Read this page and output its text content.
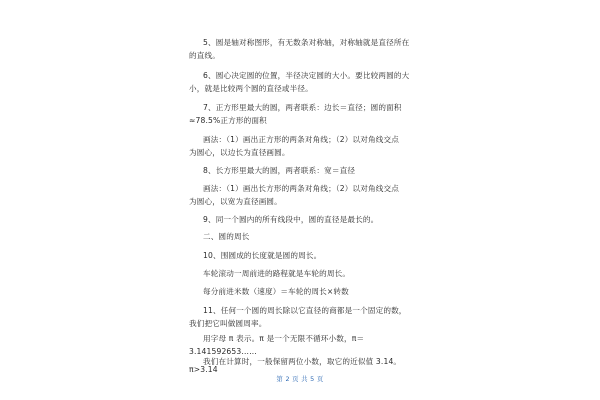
5、圆是轴对称图形，有无数条对称轴，对称轴就是直径所在
的直线。
6、圆心决定圆的位置，半径决定圆的大小。要比较两圆的大
小，就是比较两个圆的直径或半径。
7、正方形里最大的圆，两者联系：边长＝直径；圆的面积
≈78.5%正方形的面积
画法：（1）画出正方形的两条对角线；（2）以对角线交点
为圆心，以边长为直径画圆。
8、长方形里最大的圆，两者联系：宽＝直径
画法：（1）画出长方形的两条对角线；（2）以对角线交点
为圆心，以宽为直径画圆。
9、同一个圆内的所有线段中，圆的直径是最长的。
二、圆的周长
10、围圆成的长度就是圆的周长。
车轮滚动一周前进的路程就是车轮的周长。
每分前进米数（速度）＝车轮的周长×转数
11、任何一个圆的周长除以它直径的商都是一个固定的数，
我们把它叫做圆周率。
用字母 π 表示。π 是一个无限不循环小数，π＝
3.141592653……
第 2 页 共 5 页
我们在计算时，一般保留两位小数，取它的近似值 3.14。
π>3.14
